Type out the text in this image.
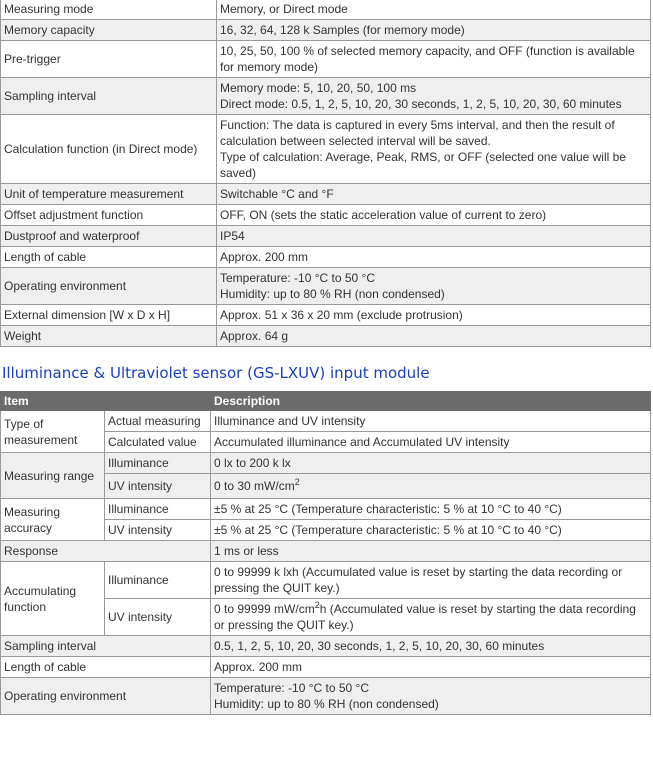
Measuring mode	Memory, or Direct mode

Memory capacity	16, 32, 64, 128 k Samples (for memory mode)

Pre-trigger	10, 25, 50, 100 % of selected memory capacity, and OFF (function is available for memory mode)

Sampling interval	Memory mode: 5, 10, 20, 50, 100 ms
Direct mode: 0.5, 1, 2, 5, 10, 20, 30 seconds, 1, 2, 5, 10, 20, 30, 60 minutes

Calculation function (in Direct mode)	Function: The data is captured in every 5ms interval, and then the result of calculation between selected interval will be saved.
Type of calculation: Average, Peak, RMS, or OFF (selected one value will be saved)

Unit of temperature measurement	Switchable °C and °F

Offset adjustment function	OFF, ON (sets the static acceleration value of current to zero)

Dustproof and waterproof	IP54

Length of cable	Approx. 200 mm

Operating environment	Temperature: -10 °C to 50 °C
Humidity: up to 80 % RH (non condensed)

External dimension [W x D x H]	Approx. 51 x 36 x 20 mm (exclude protrusion)

Weight	Approx. 64 g
Illuminance & Ultraviolet sensor (GS-LXUV) input module
Item		Description
Type of measurement	Actual measuring	Illuminance and UV intensity
	Calculated value	Accumulated illuminance and Accumulated UV intensity
Measuring range	Illuminance	0 lx to 200 k lx
	UV intensity	0 to 30 $mW/cm^2$
Measuring accuracy	Illuminance	±5 % at 25 °C (Temperature characteristic: 5 % at 10 °C to 40 °C)
	UV intensity	±5 % at 25 °C (Temperature characteristic: 5 % at 10 °C to 40 °C)
Response		1 ms or less
Accumulating function	Illuminance	0 to 99999 k lxh (Accumulated value is reset by starting the data recording or pressing the QUIT key.)
	UV intensity	0 to 99999 $mW/cm^2h$ (Accumulated value is reset by starting the data recording or pressing the QUIT key.)
Sampling interval		0.5, 1, 2, 5, 10, 20, 30 seconds, 1, 2, 5, 10, 20, 30, 60 minutes
Length of cable		Approx. 200 mm
Operating environment		Temperature: -10 °C to 50 °C
Humidity: up to 80 % RH (non condensed)
